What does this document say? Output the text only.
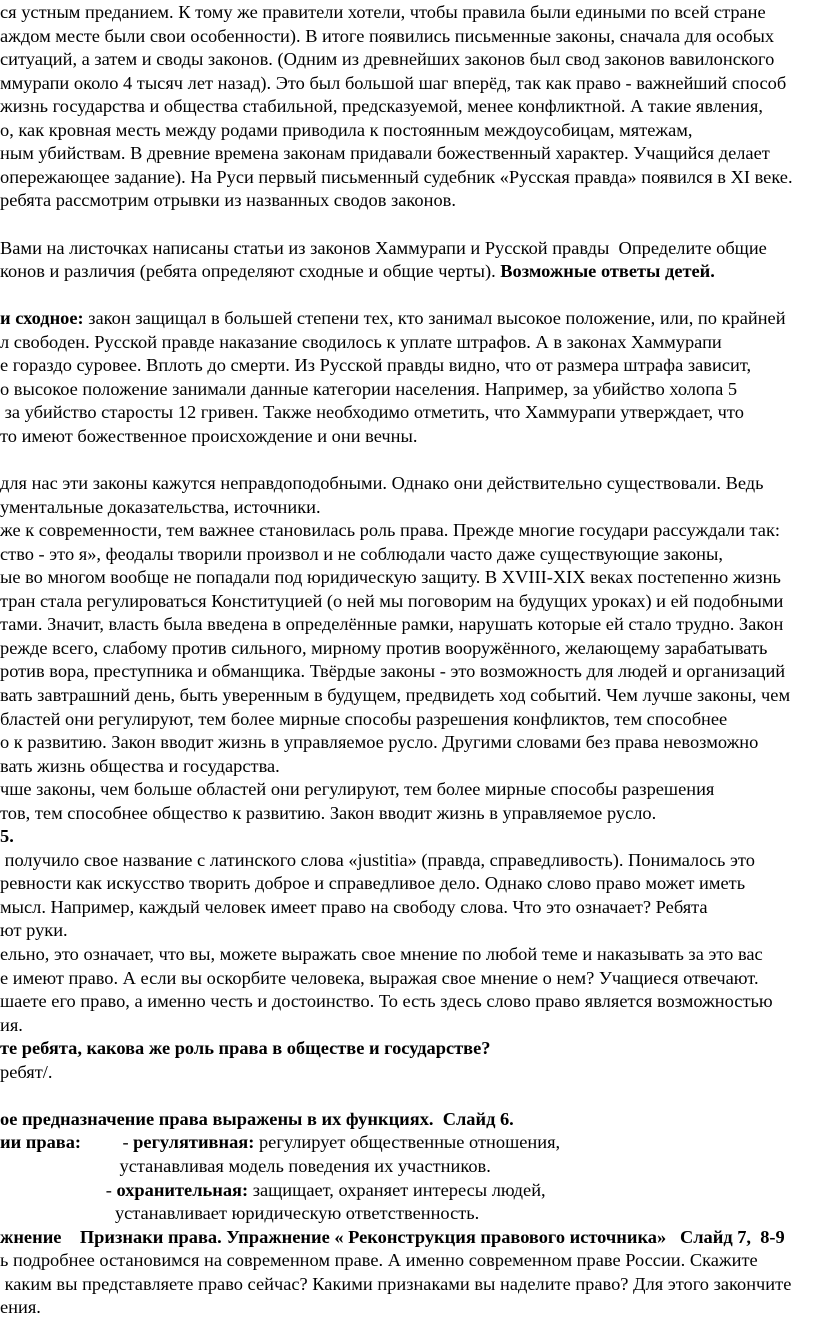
ся устным преданием. К тому же правители хотели, чтобы правила были едиными по всей стране
аждом месте были свои особенности). В итоге появились письменные законы, сначала для особых
ситуаций, а затем и своды законов. (Одним из древнейших законов был свод законов вавилонского
ммурапи около 4 тысяч лет назад). Это был большой шаг вперёд, так как право - важнейший способ
жизнь государства и общества стабильной, предсказуемой, менее конфликтной. А такие явления,
о, как кровная месть между родами приводила к постоянным междоусобицам, мятежам,
ным убийствам. В древние времена законам придавали божественный характер. Учащийся делает
опережающее задание). На Руси первый письменный судебник «Русская правда» появился в XI веке.
ребята рассмотрим отрывки из названных сводов законов.
Вами на листочках написаны статьи из законов Хаммурапи и Русской правды  Определите общие
конов и различия (ребята определяют сходные и общие черты). Возможные ответы детей.
и сходное: закон защищал в большей степени тех, кто занимал высокое положение, или, по крайней
л свободен. Русской правде наказание сводилось к уплате штрафов. А в законах Хаммурапи
е гораздо суровее. Вплоть до смерти. Из Русской правды видно, что от размера штрафа зависит,
о высокое положение занимали данные категории населения. Например, за убийство холопа 5
за убийство старосты 12 гривен. Также необходимо отметить, что Хаммурапи утверждает, что
то имеют божественное происхождение и они вечны.
для нас эти законы кажутся неправдоподобными. Однако они действительно существовали. Ведь
ументальные доказательства, источники.
же к современности, тем важнее становилась роль права. Прежде многие государи рассуждали так:
ство - это я», феодалы творили произвол и не соблюдали часто даже существующие законы,
ые во многом вообще не попадали под юридическую защиту. В XVIII-XIX веках постепенно жизнь
тран стала регулироваться Конституцией (о ней мы поговорим на будущих уроках) и ей подобными
тами. Значит, власть была введена в определённые рамки, нарушать которые ей стало трудно. Закон
режде всего, слабому против сильного, мирному против вооружённого, желающему зарабатывать
ротив вора, преступника и обманщика. Твёрдые законы - это возможность для людей и организаций
вать завтрашний день, быть уверенным в будущем, предвидеть ход событий. Чем лучше законы, чем
бластей они регулируют, тем более мирные способы разрешения конфликтов, тем способнее
о к развитию. Закон вводит жизнь в управляемое русло. Другими словами без права невозможно
вать жизнь общества и государства.
чше законы, чем больше областей они регулируют, тем более мирные способы разрешения
тов, тем способнее общество к развитию. Закон вводит жизнь в управляемое русло.
5.
получило свое название с латинского слова «justitia» (правда, справедливость). Понималось это
ревности как искусство творить доброе и справедливое дело. Однако слово право может иметь
мысл. Например, каждый человек имеет право на свободу слова. Что это означает? Ребята
ют руки.
ельно, это означает, что вы, можете выражать свое мнение по любой теме и наказывать за это вас
е имеют право. А если вы оскорбите человека, выражая свое мнение о нем? Учащиеся отвечают.
шаете его право, а именно честь и достоинство. То есть здесь слово право является возможностью
ия.
те ребята, какова же роль права в обществе и государстве?
ребят/.
ое предназначение права выражены в их функциях.  Слайд 6.
ии права:         - регулятивная: регулирует общественные отношения,
устанавливая модель поведения их участников.
- охранительная: защищает, охраняет интересы людей,
устанавливает юридическую ответственность.
жнение    Признаки права. Упражнение « Реконструкция правового источника»   Слайд 7,  8-9
ь подробнее остановимся на современном праве. А именно современном праве России. Скажите
каким вы представляете право сейчас? Какими признаками вы наделите право? Для этого закончите
ения.
